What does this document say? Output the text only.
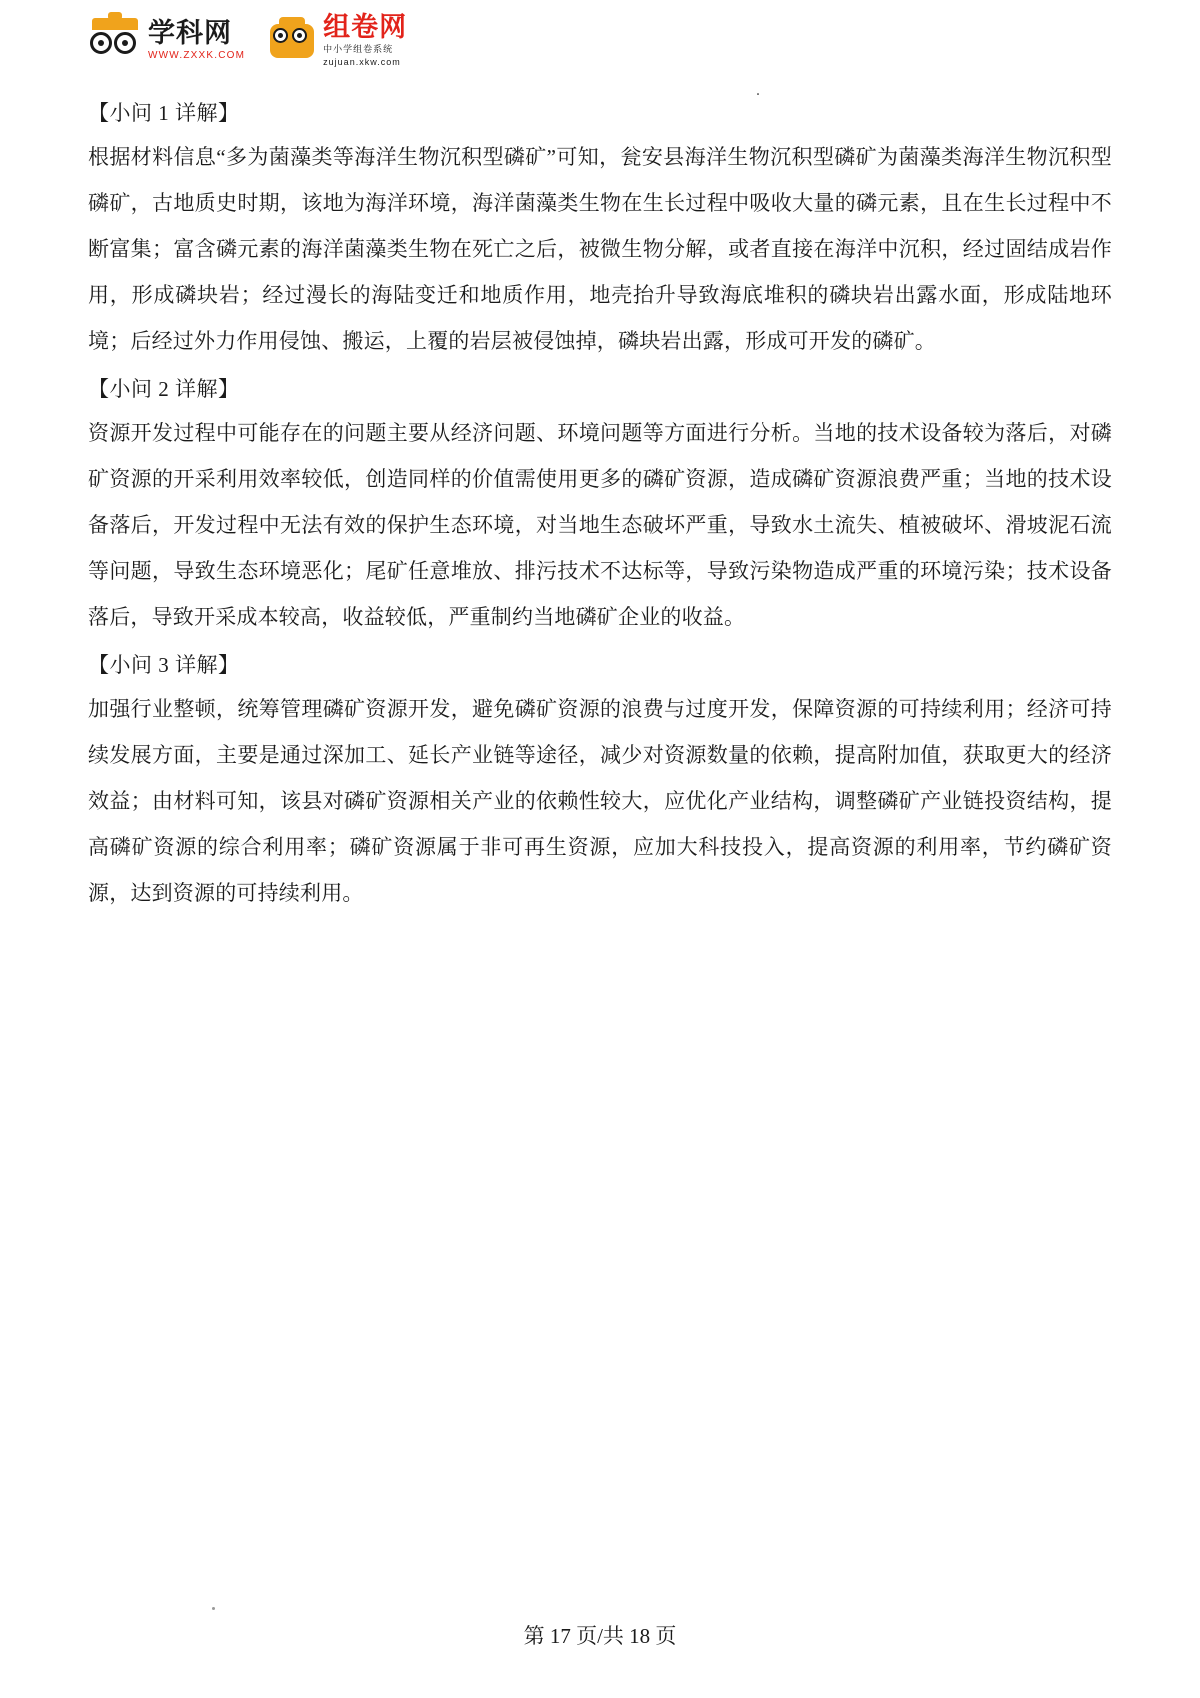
学科网
WWW.ZXXK.COM
组卷网
中小学组卷系统
zujuan.xkw.com
.
【小问 1 详解】

根据材料信息“多为菌藻类等海洋生物沉积型磷矿”可知，瓮安县海洋生物沉积型磷矿为菌藻类海洋生物沉积型磷矿，古地质史时期，该地为海洋环境，海洋菌藻类生物在生长过程中吸收大量的磷元素，且在生长过程中不断富集；富含磷元素的海洋菌藻类生物在死亡之后，被微生物分解，或者直接在海洋中沉积，经过固结成岩作用，形成磷块岩；经过漫长的海陆变迁和地质作用，地壳抬升导致海底堆积的磷块岩出露水面，形成陆地环境；后经过外力作用侵蚀、搬运，上覆的岩层被侵蚀掉，磷块岩出露，形成可开发的磷矿。

【小问 2 详解】

资源开发过程中可能存在的问题主要从经济问题、环境问题等方面进行分析。当地的技术设备较为落后，对磷矿资源的开采利用效率较低，创造同样的价值需使用更多的磷矿资源，造成磷矿资源浪费严重；当地的技术设备落后，开发过程中无法有效的保护生态环境，对当地生态破坏严重，导致水土流失、植被破坏、滑坡泥石流等问题，导致生态环境恶化；尾矿任意堆放、排污技术不达标等，导致污染物造成严重的环境污染；技术设备落后，导致开采成本较高，收益较低，严重制约当地磷矿企业的收益。

【小问 3 详解】

加强行业整顿，统筹管理磷矿资源开发，避免磷矿资源的浪费与过度开发，保障资源的可持续利用；经济可持续发展方面，主要是通过深加工、延长产业链等途径，减少对资源数量的依赖，提高附加值，获取更大的经济效益；由材料可知，该县对磷矿资源相关产业的依赖性较大，应优化产业结构，调整磷矿产业链投资结构，提高磷矿资源的综合利用率；磷矿资源属于非可再生资源，应加大科技投入，提高资源的利用率，节约磷矿资源，达到资源的可持续利用。

第 17 页/共 18 页
